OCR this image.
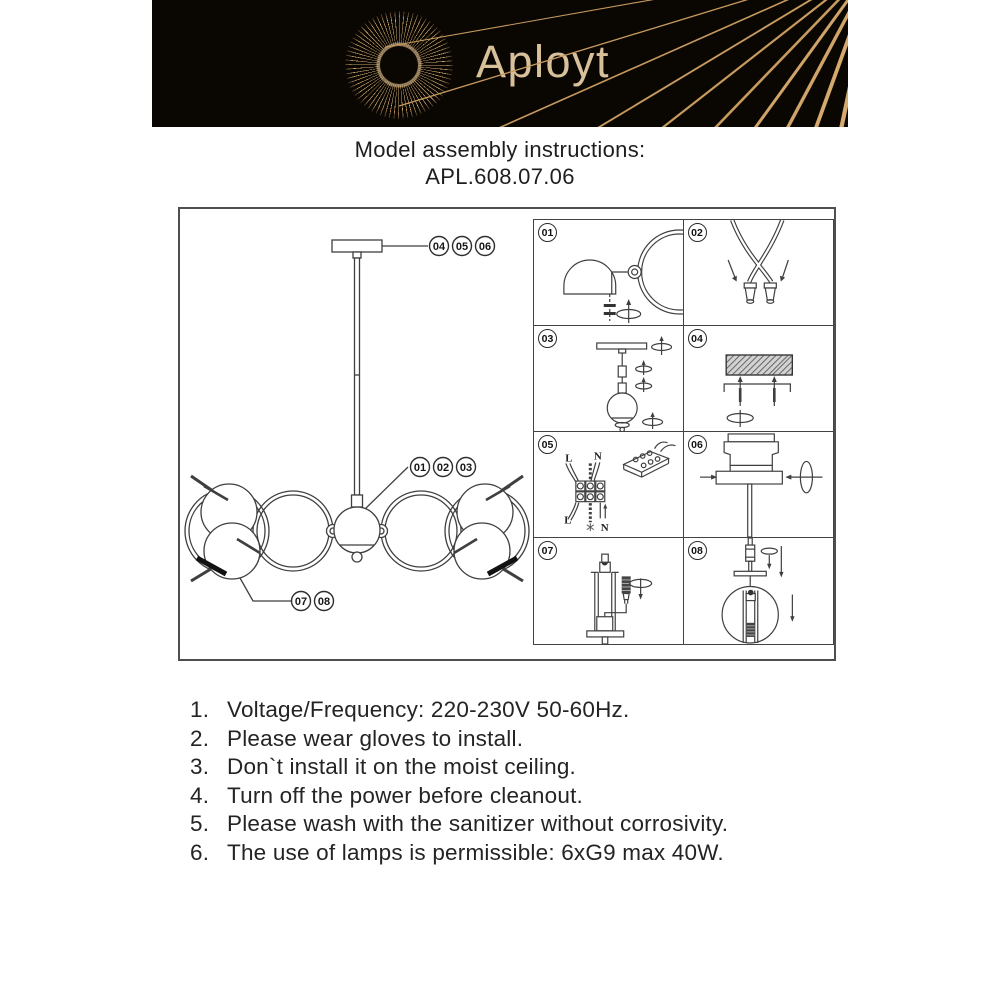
Aployt
Model assembly instructions:
APL.608.07.06
04 05 06
01 02 03
07 08
01	02
03	04
05
L N
L
N
06
07	08
1. Voltage/Frequency: 220-230V 50-60Hz.
2. Please wear gloves to install.
3. Don`t install it on the moist ceiling.
4. Turn off the power before cleanout.
5. Please wash with the sanitizer without corrosivity.
6. The use of lamps is permissible: 6xG9 max 40W.
